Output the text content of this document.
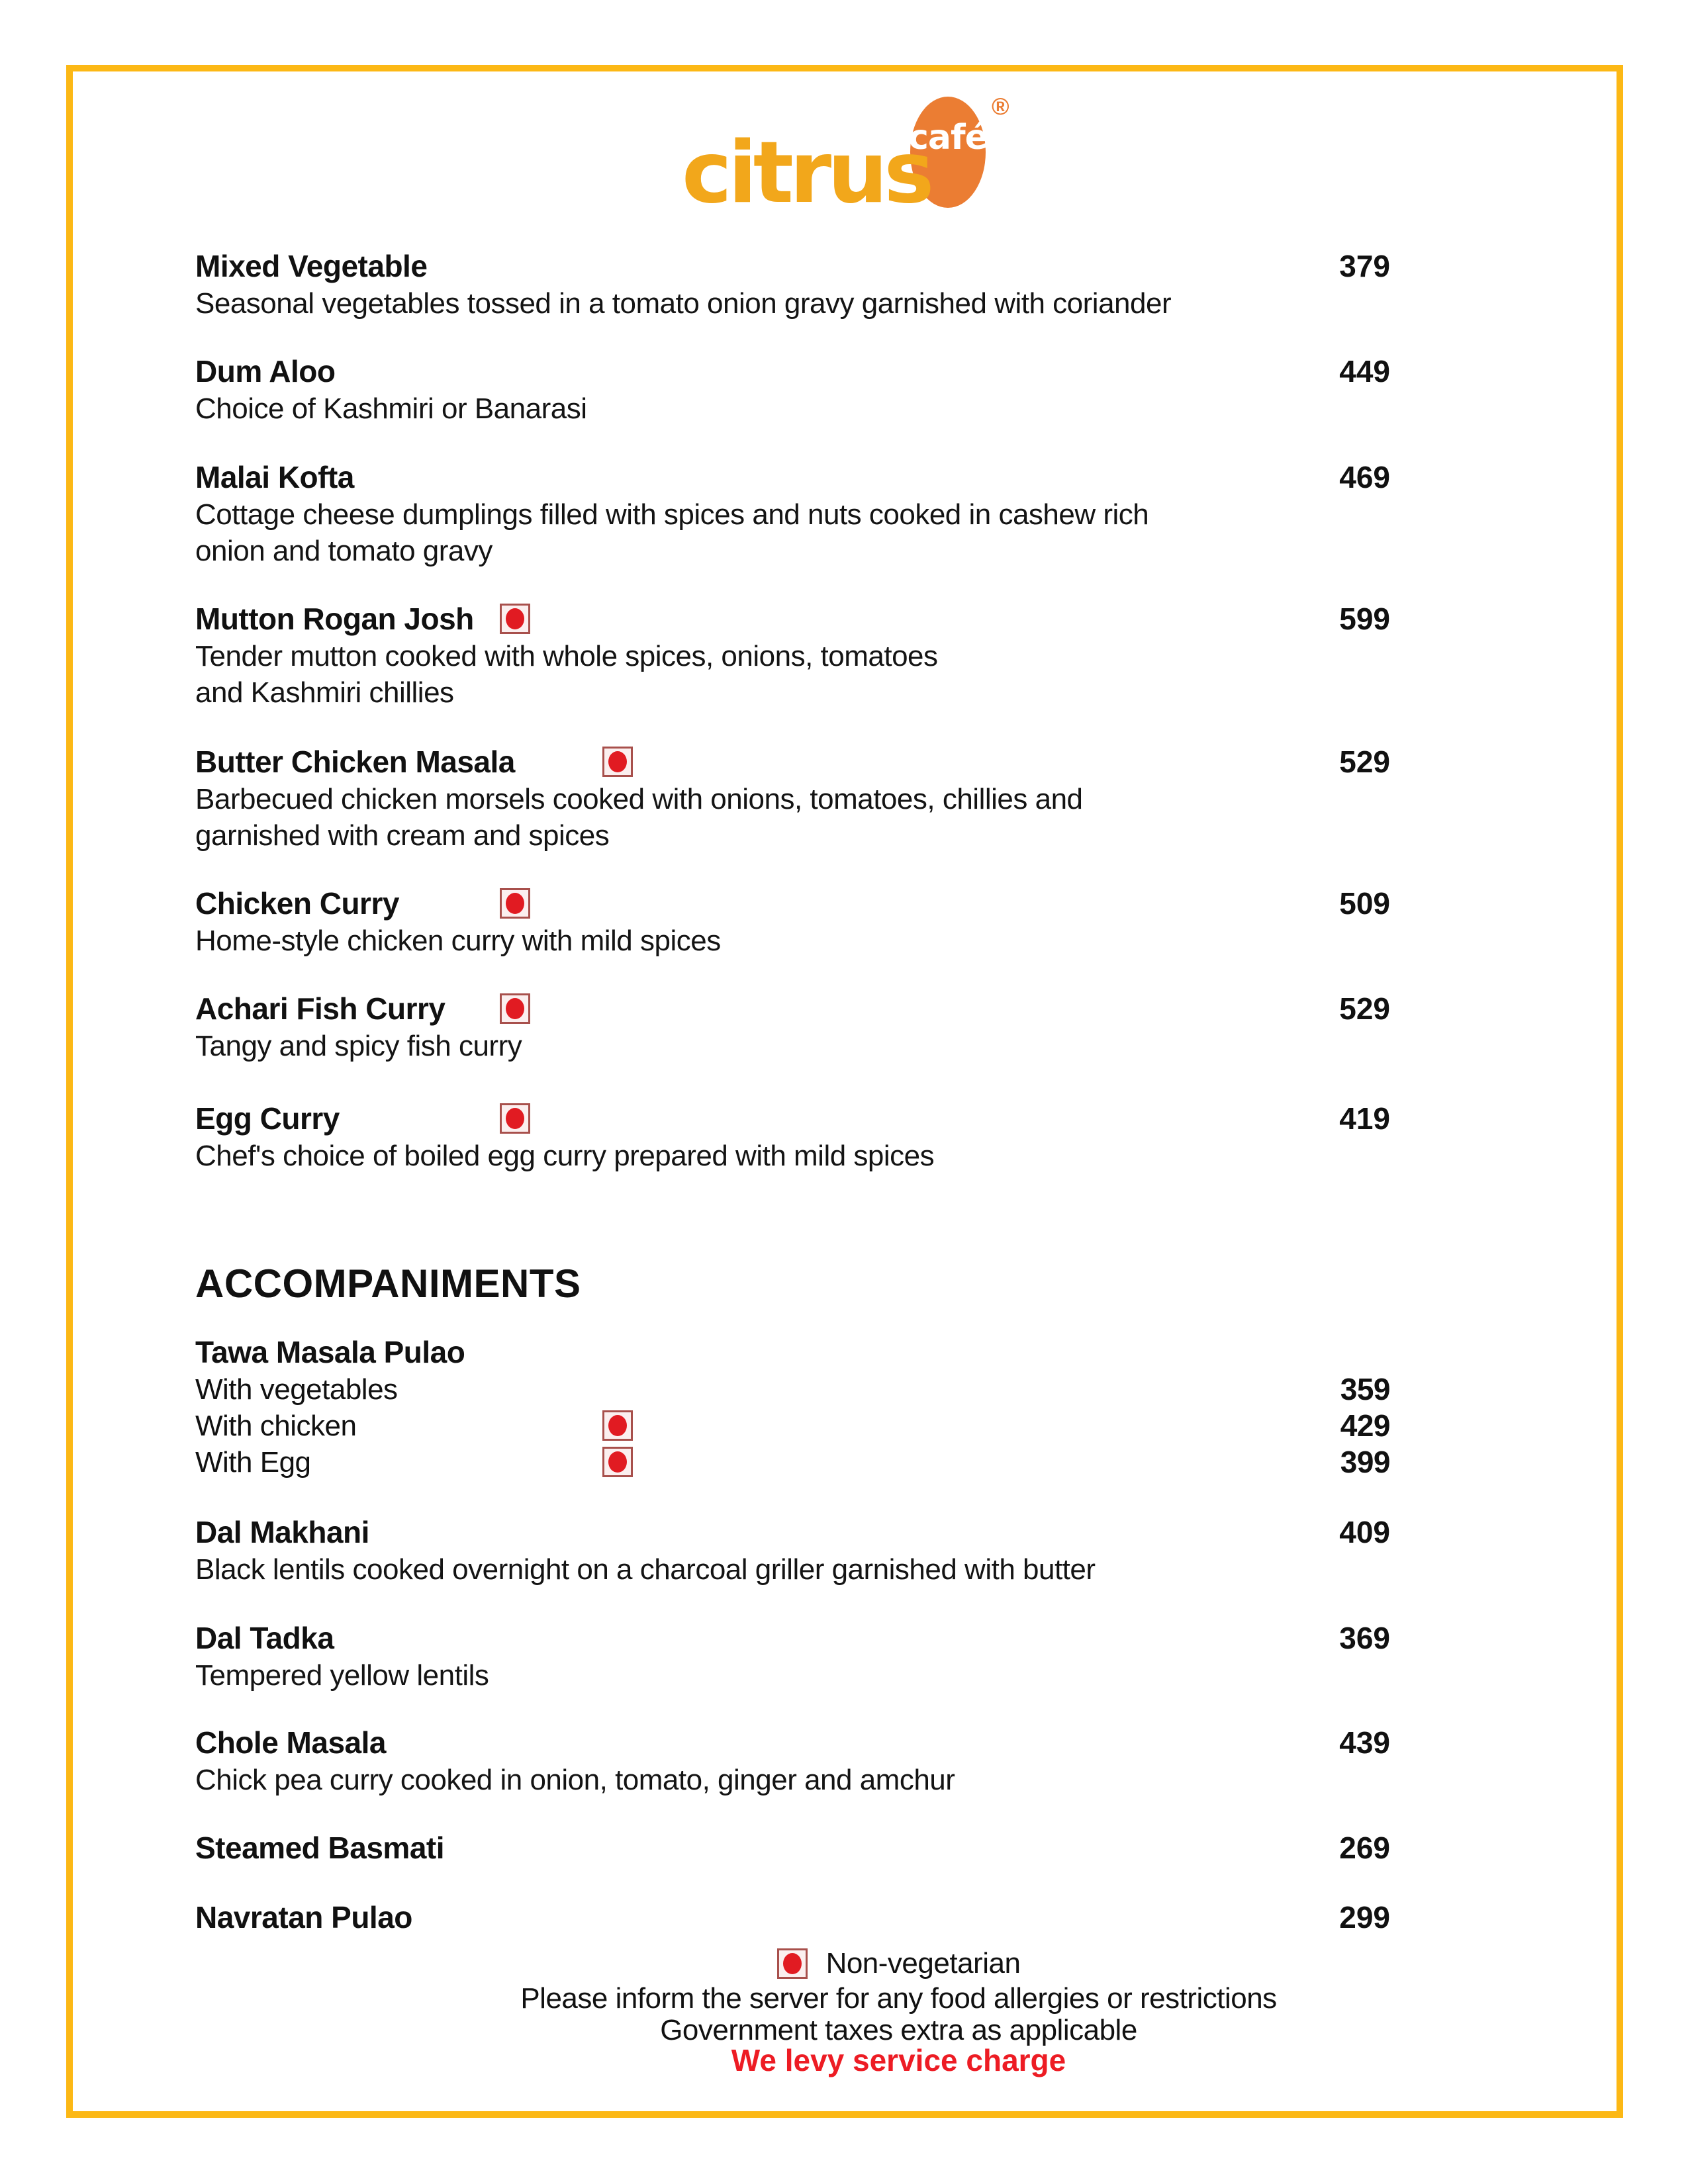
café
citrus
®
Mixed Vegetable	379
Seasonal vegetables tossed in a tomato onion gravy garnished with coriander
Dum Aloo	449
Choice of Kashmiri or Banarasi
Malai Kofta	469
Cottage cheese dumplings filled with spices and nuts cooked in cashew rich
onion and tomato gravy
Mutton Rogan Josh	599
Tender mutton cooked with whole spices, onions, tomatoes
and Kashmiri chillies
Butter Chicken Masala	529
Barbecued chicken morsels cooked with onions, tomatoes, chillies and
garnished with cream and spices
Chicken Curry	509
Home-style chicken curry with mild spices
Achari Fish Curry	529
Tangy and spicy fish curry
Egg Curry	419
Chef's choice of boiled egg curry prepared with mild spices
ACCOMPANIMENTS
Tawa Masala Pulao
With vegetables	359
With chicken	429
With Egg	399
Dal Makhani	409
Black lentils cooked overnight on a charcoal griller garnished with butter
Dal Tadka	369
Tempered yellow lentils
Chole Masala	439
Chick pea curry cooked in onion, tomato, ginger and amchur
Steamed Basmati	269
Navratan Pulao	299
Non-vegetarian
Please inform the server for any food allergies or restrictions
Government taxes extra as applicable
We levy service charge
